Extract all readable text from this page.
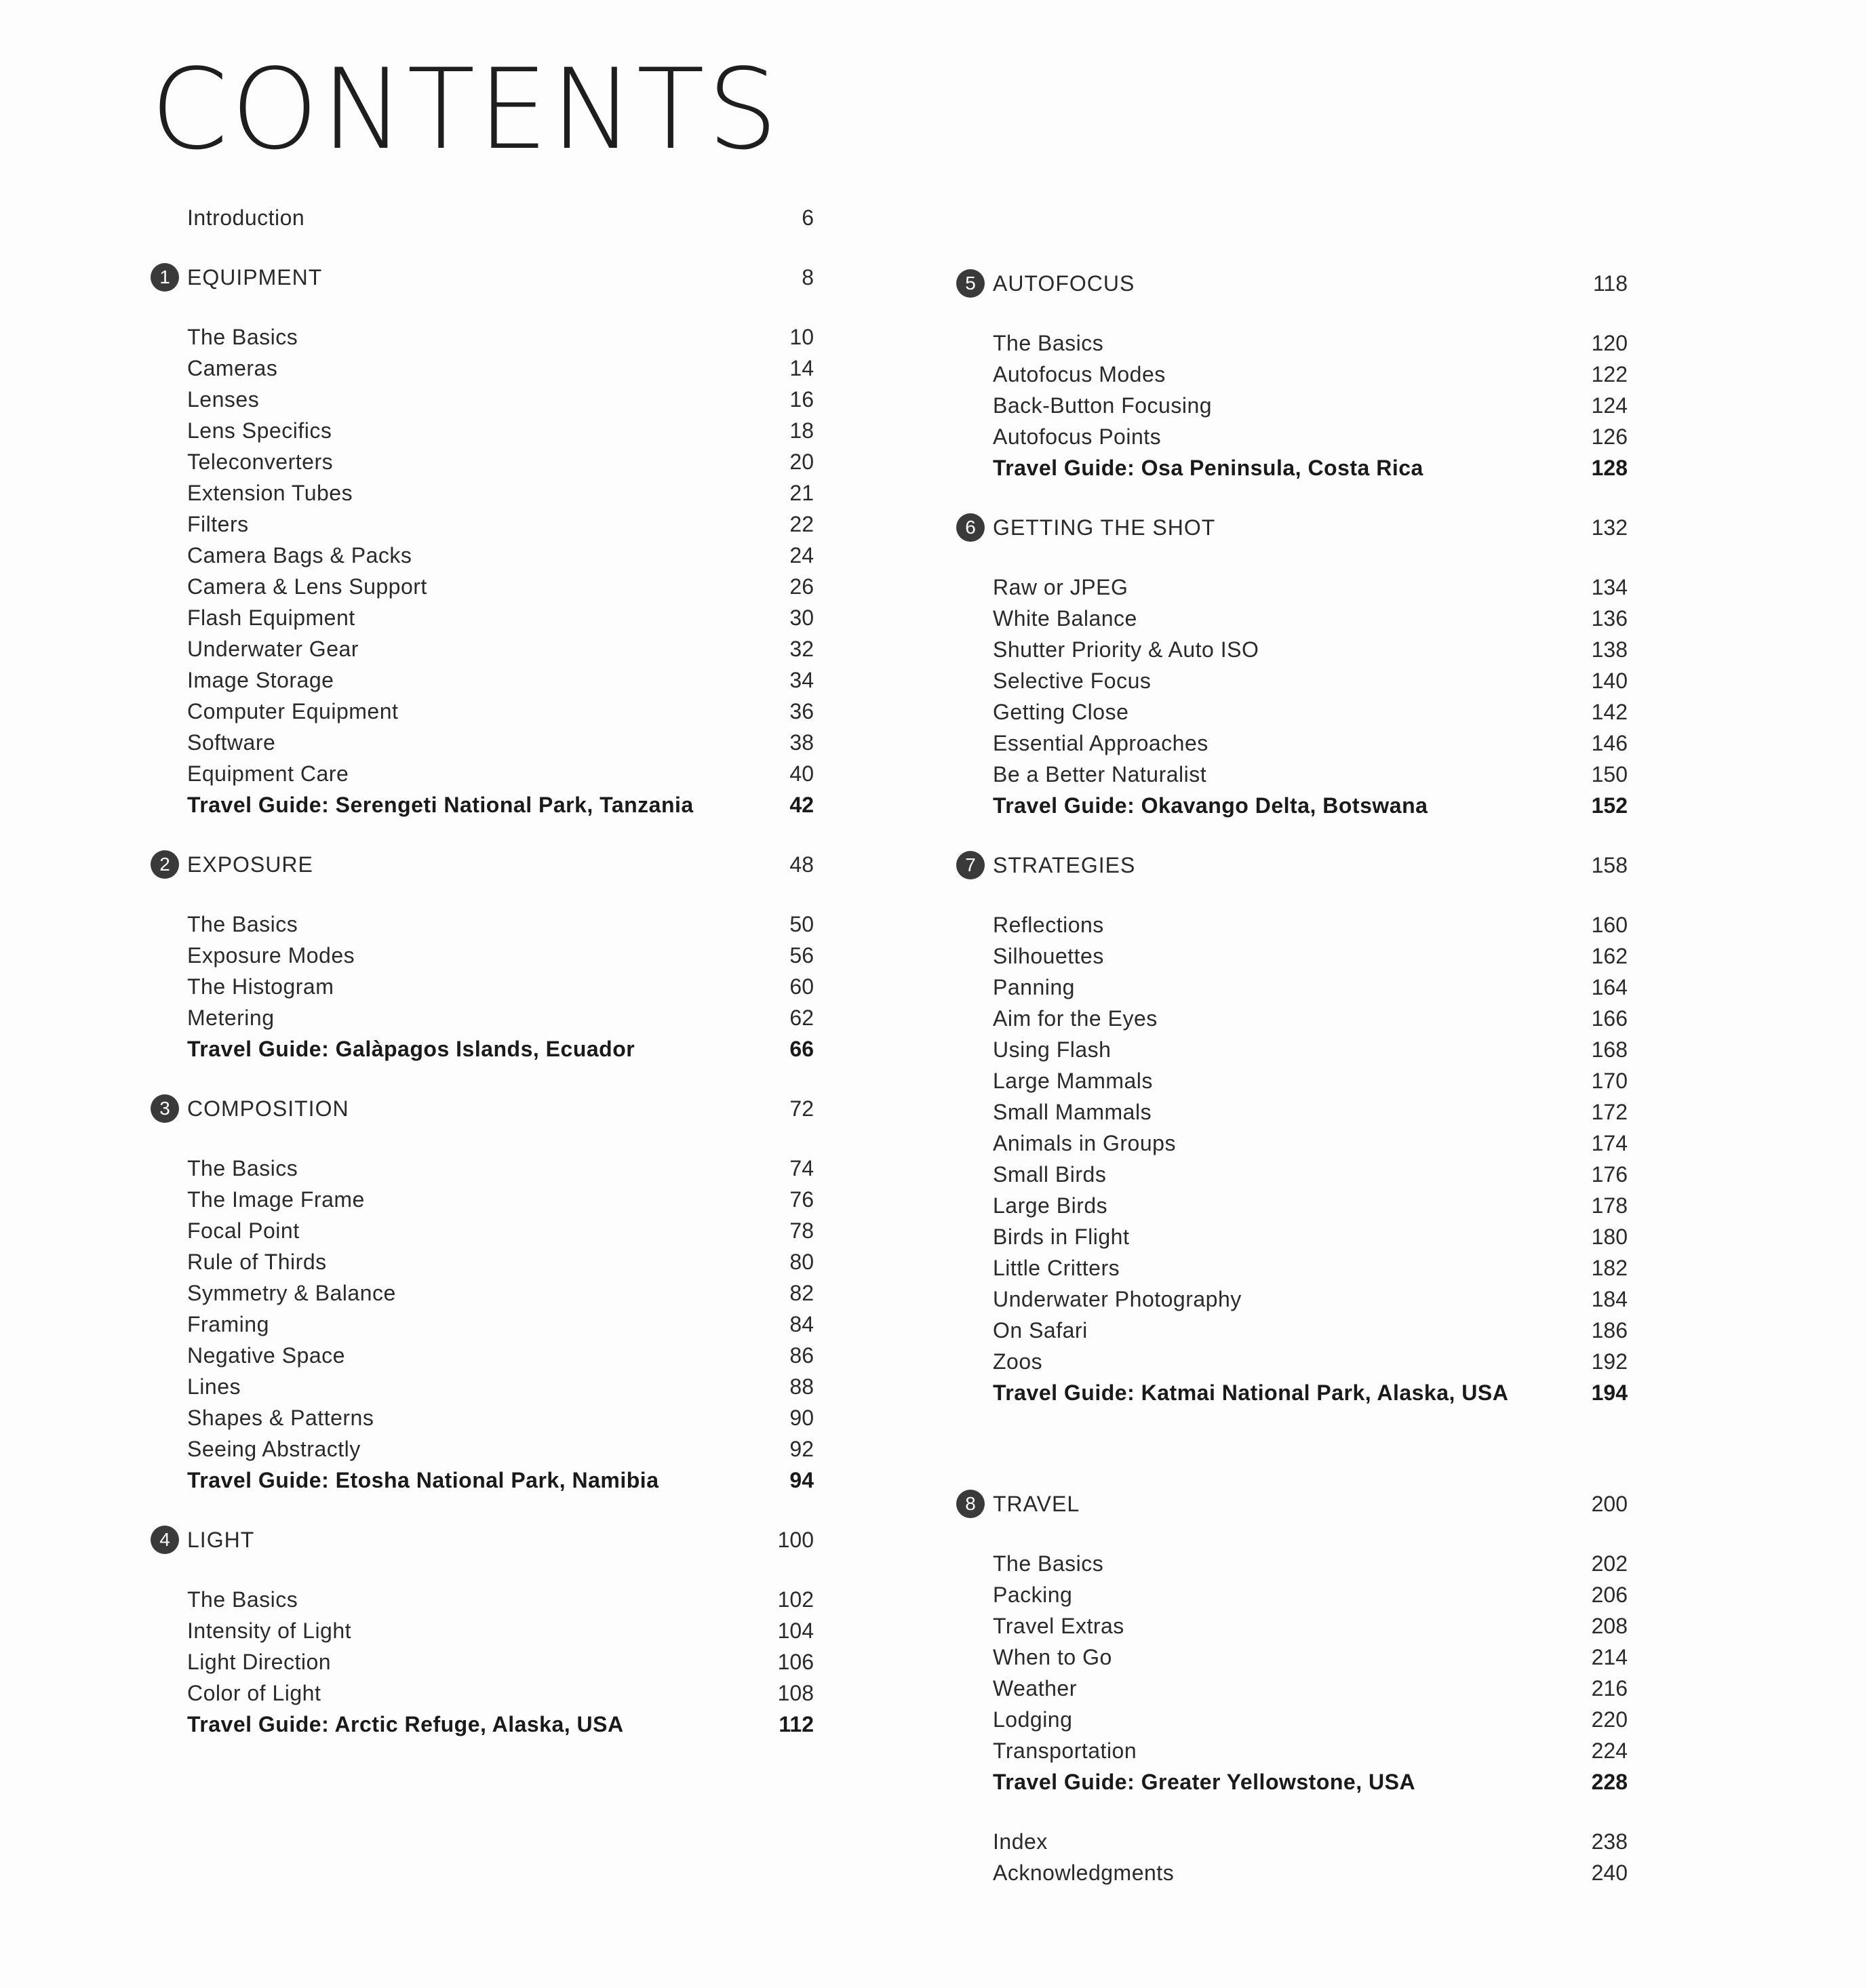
CONTENTS
Introduction	6
1 EQUIPMENT	8
The Basics	10
Cameras	14
Lenses	16
Lens Specifics	18
Teleconverters	20
Extension Tubes	21
Filters	22
Camera Bags & Packs	24
Camera & Lens Support	26
Flash Equipment	30
Underwater Gear	32
Image Storage	34
Computer Equipment	36
Software	38
Equipment Care	40
Travel Guide: Serengeti National Park, Tanzania	42
2 EXPOSURE	48
The Basics	50
Exposure Modes	56
The Histogram	60
Metering	62
Travel Guide: Galàpagos Islands, Ecuador	66
3 COMPOSITION	72
The Basics	74
The Image Frame	76
Focal Point	78
Rule of Thirds	80
Symmetry & Balance	82
Framing	84
Negative Space	86
Lines	88
Shapes & Patterns	90
Seeing Abstractly	92
Travel Guide: Etosha National Park, Namibia	94
4 LIGHT	100
The Basics	102
Intensity of Light	104
Light Direction	106
Color of Light	108
Travel Guide: Arctic Refuge, Alaska, USA	112
5 AUTOFOCUS	118
The Basics	120
Autofocus Modes	122
Back-Button Focusing	124
Autofocus Points	126
Travel Guide: Osa Peninsula, Costa Rica	128
6 GETTING THE SHOT	132
Raw or JPEG	134
White Balance	136
Shutter Priority & Auto ISO	138
Selective Focus	140
Getting Close	142
Essential Approaches	146
Be a Better Naturalist	150
Travel Guide: Okavango Delta, Botswana	152
7 STRATEGIES	158
Reflections	160
Silhouettes	162
Panning	164
Aim for the Eyes	166
Using Flash	168
Large Mammals	170
Small Mammals	172
Animals in Groups	174
Small Birds	176
Large Birds	178
Birds in Flight	180
Little Critters	182
Underwater Photography	184
On Safari	186
Zoos	192
Travel Guide: Katmai National Park, Alaska, USA	194
8 TRAVEL	200
The Basics	202
Packing	206
Travel Extras	208
When to Go	214
Weather	216
Lodging	220
Transportation	224
Travel Guide: Greater Yellowstone, USA	228
Index	238
Acknowledgments	240
